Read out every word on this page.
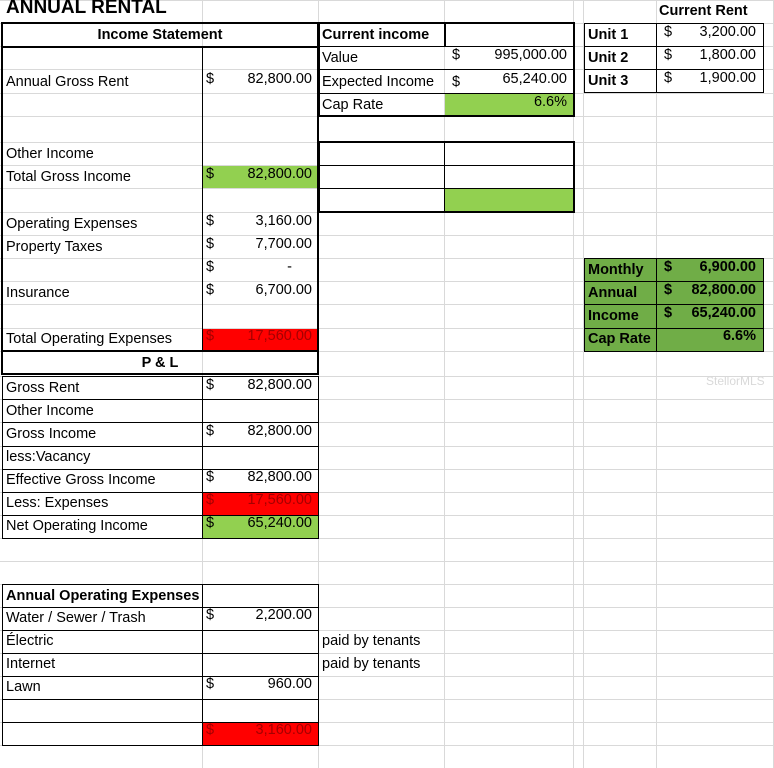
ANNUAL RENTAL
Income Statement
Annual Gross Rent	$ 82,800.00
Other Income
Total Gross Income	$ 82,800.00
Operating Expenses	$	3,160.00
Property Taxes	$	7,700.00
$	-
Insurance	$	6,700.00
Total Operating Expenses $ 17,560.00
P & L
Gross Rent	$ 82,800.00
Other Income
Gross Income	$ 82,800.00
less:Vacancy
Effective Gross Income	$ 82,800.00
Less: Expenses	$ 17,560.00
Net Operating Income	$ 65,240.00
Current income
Value	$ 995,000.00
Expected Income $	65,240.00
Cap Rate	6.6%
Annual Operating Expenses
Water / Sewer / Trash	$	2,200.00
Électric	paid by tenants
Internet	paid by tenants
Lawn	$	960.00
$	3,160.00
Current Rent
Unit 1 $ 3,200.00
Unit 2 $ 1,800.00
Unit 3 $ 1,900.00
Monthly $ 6,900.00
Annual $ 82,800.00
Income $ 65,240.00
Cap Rate	6.6%
StellorMLS
